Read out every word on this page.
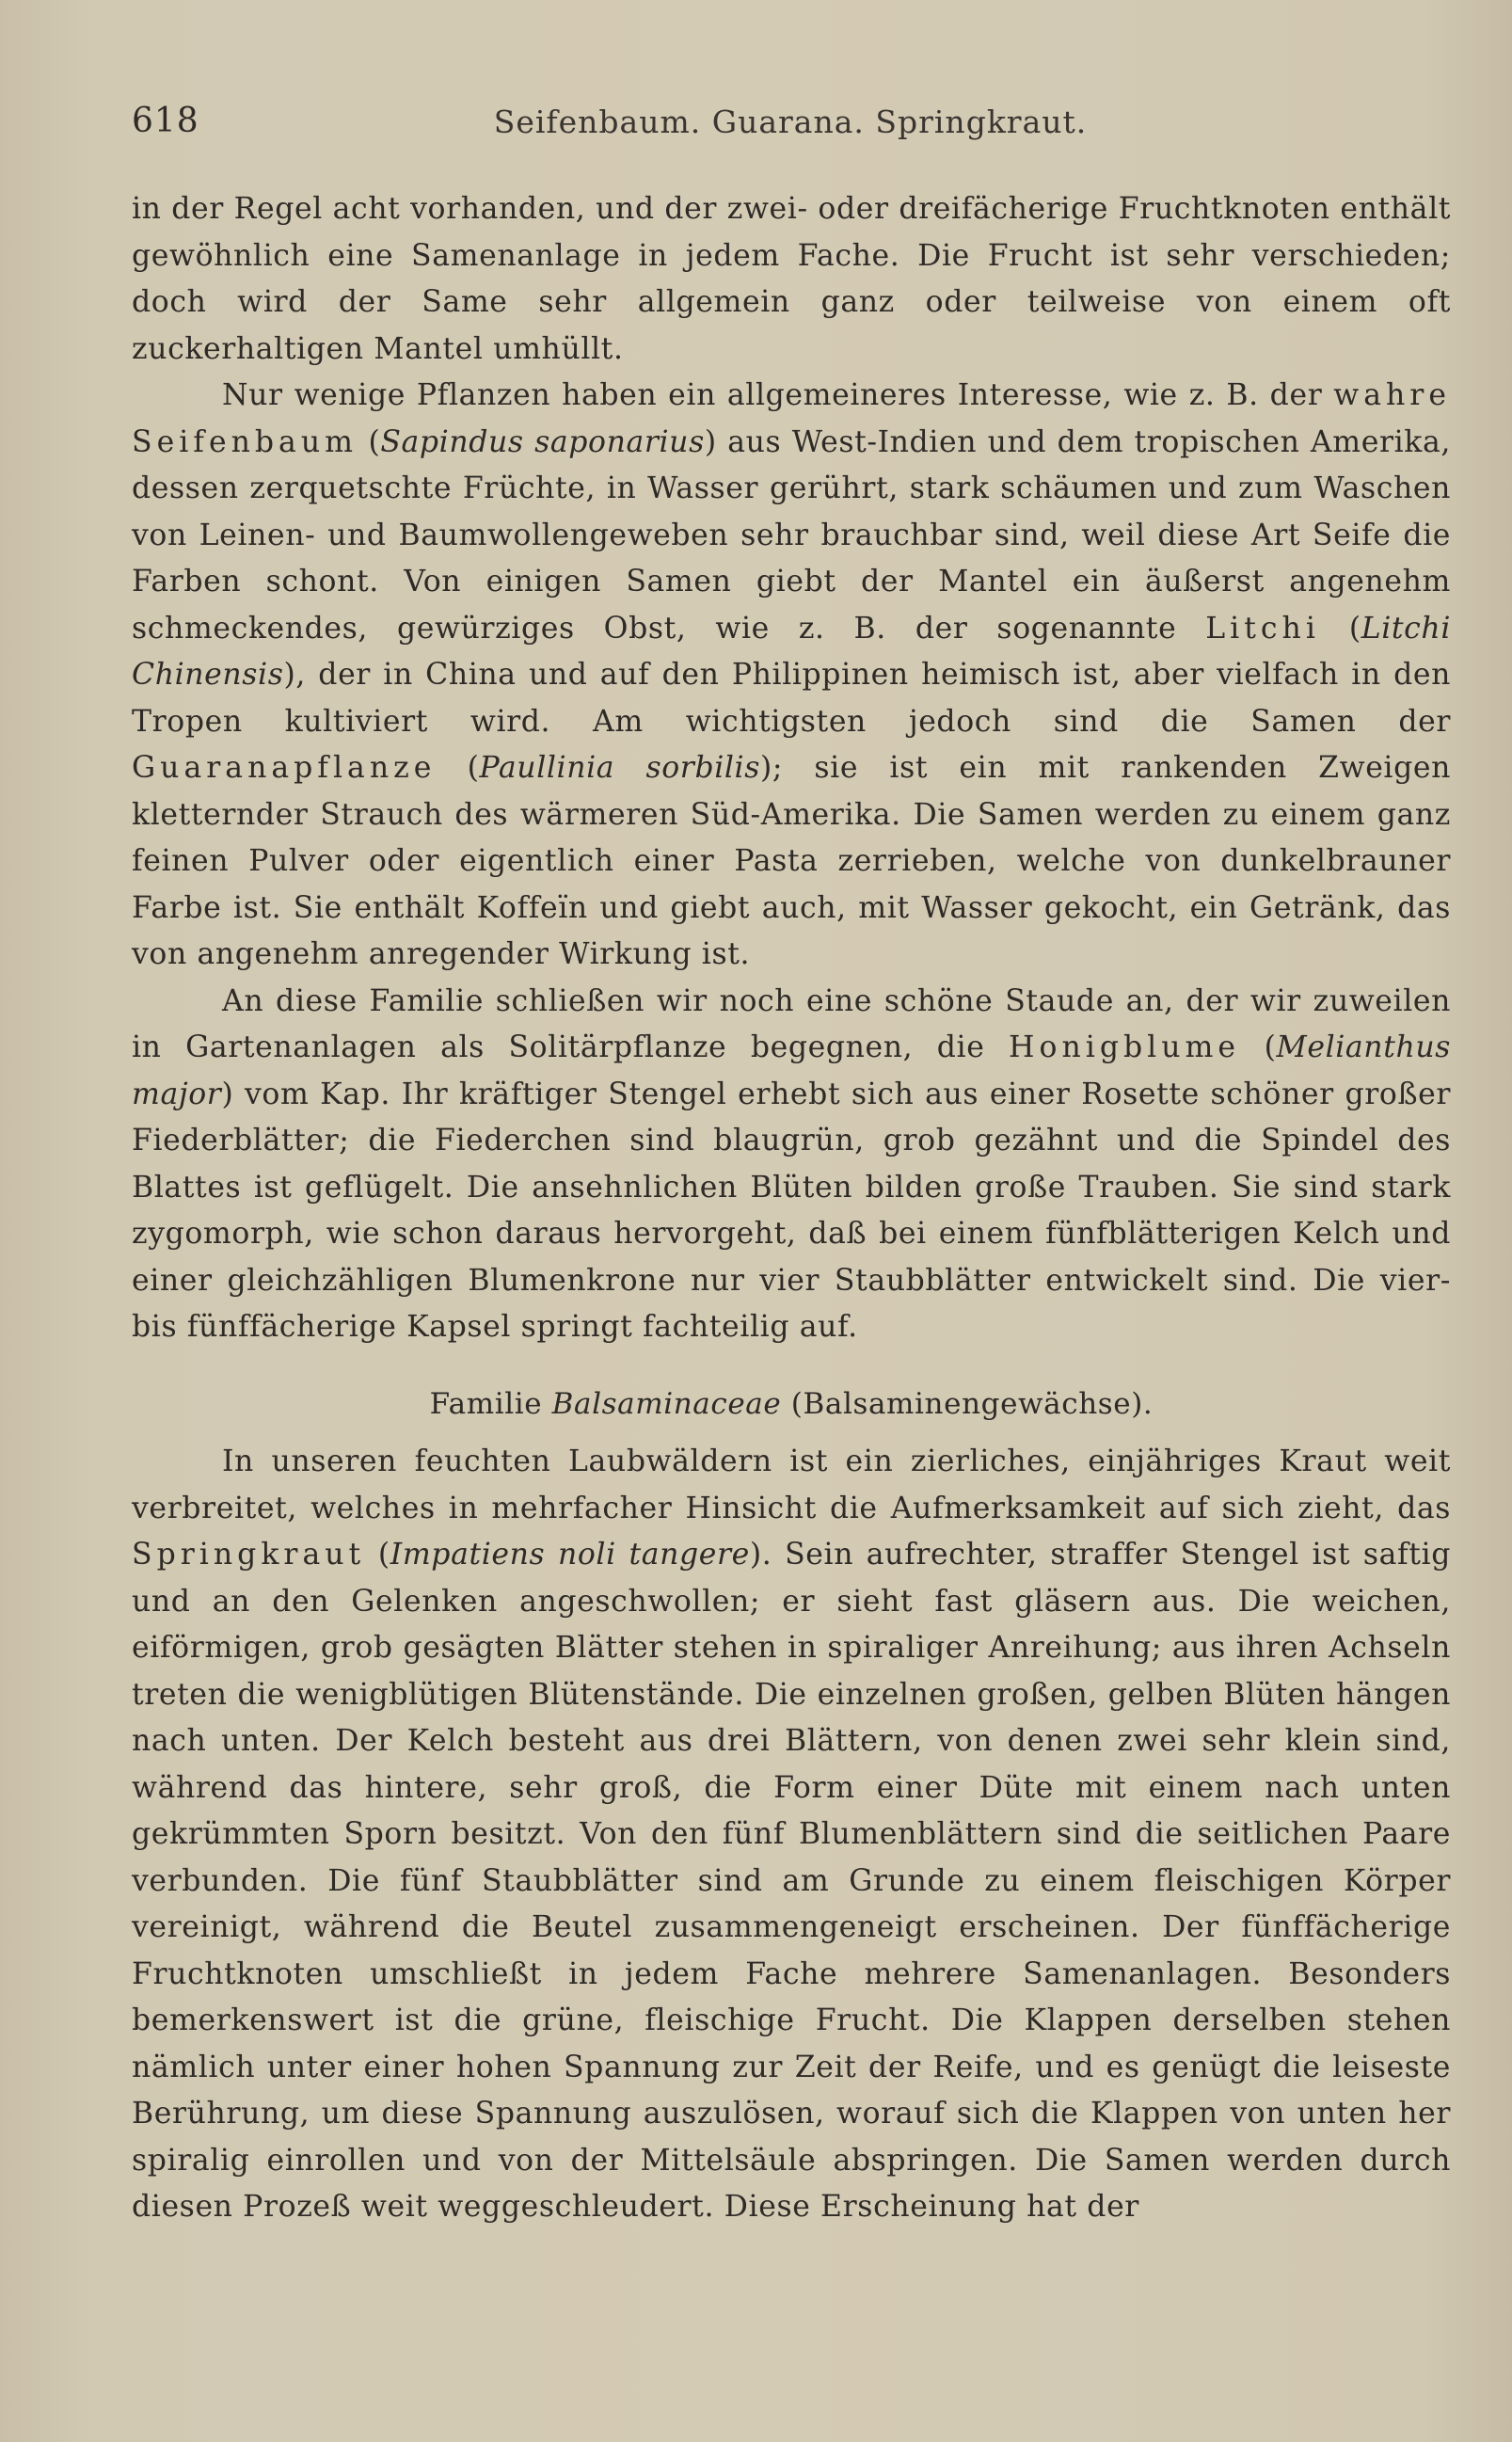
618	Seifenbaum. Guarana. Springkraut.

in der Regel acht vorhanden, und der zwei- oder dreifächerige Fruchtknoten enthält gewöhnlich eine Samenanlage in jedem Fache. Die Frucht ist sehr verschieden; doch wird der Same sehr allgemein ganz oder teilweise von einem oft zuckerhaltigen Mantel umhüllt.

Nur wenige Pflanzen haben ein allgemeineres Interesse, wie z. B. der wahre Seifenbaum (Sapindus saponarius) aus West-Indien und dem tropischen Amerika, dessen zerquetschte Früchte, in Wasser gerührt, stark schäumen und zum Waschen von Leinen- und Baumwollengeweben sehr brauchbar sind, weil diese Art Seife die Farben schont. Von einigen Samen giebt der Mantel ein äußerst angenehm schmeckendes, gewürziges Obst, wie z. B. der sogenannte Litchi (Litchi Chinensis), der in China und auf den Philippinen heimisch ist, aber vielfach in den Tropen kultiviert wird. Am wichtigsten jedoch sind die Samen der Guaranapflanze (Paullinia sorbilis); sie ist ein mit rankenden Zweigen kletternder Strauch des wärmeren Süd-Amerika. Die Samen werden zu einem ganz feinen Pulver oder eigentlich einer Pasta zerrieben, welche von dunkelbrauner Farbe ist. Sie enthält Koffeïn und giebt auch, mit Wasser gekocht, ein Getränk, das von angenehm anregender Wirkung ist.

An diese Familie schließen wir noch eine schöne Staude an, der wir zuweilen in Gartenanlagen als Solitärpflanze begegnen, die Honigblume (Melianthus major) vom Kap. Ihr kräftiger Stengel erhebt sich aus einer Rosette schöner großer Fiederblätter; die Fiederchen sind blaugrün, grob gezähnt und die Spindel des Blattes ist geflügelt. Die ansehnlichen Blüten bilden große Trauben. Sie sind stark zygomorph, wie schon daraus hervorgeht, daß bei einem fünfblätterigen Kelch und einer gleichzähligen Blumenkrone nur vier Staubblätter entwickelt sind. Die vier- bis fünffächerige Kapsel springt fachteilig auf.

Familie Balsaminaceae (Balsaminengewächse).

In unseren feuchten Laubwäldern ist ein zierliches, einjähriges Kraut weit verbreitet, welches in mehrfacher Hinsicht die Aufmerksamkeit auf sich zieht, das Springkraut (Impatiens noli tangere). Sein aufrechter, straffer Stengel ist saftig und an den Gelenken angeschwollen; er sieht fast gläsern aus. Die weichen, eiförmigen, grob gesägten Blätter stehen in spiraliger Anreihung; aus ihren Achseln treten die wenigblütigen Blütenstände. Die einzelnen großen, gelben Blüten hängen nach unten. Der Kelch besteht aus drei Blättern, von denen zwei sehr klein sind, während das hintere, sehr groß, die Form einer Düte mit einem nach unten gekrümmten Sporn besitzt. Von den fünf Blumenblättern sind die seitlichen Paare verbunden. Die fünf Staubblätter sind am Grunde zu einem fleischigen Körper vereinigt, während die Beutel zusammengeneigt erscheinen. Der fünffächerige Fruchtknoten umschließt in jedem Fache mehrere Samenanlagen. Besonders bemerkenswert ist die grüne, fleischige Frucht. Die Klappen derselben stehen nämlich unter einer hohen Spannung zur Zeit der Reife, und es genügt die leiseste Berührung, um diese Spannung auszulösen, worauf sich die Klappen von unten her spiralig einrollen und von der Mittelsäule abspringen. Die Samen werden durch diesen Prozeß weit weggeschleudert. Diese Erscheinung hat der
